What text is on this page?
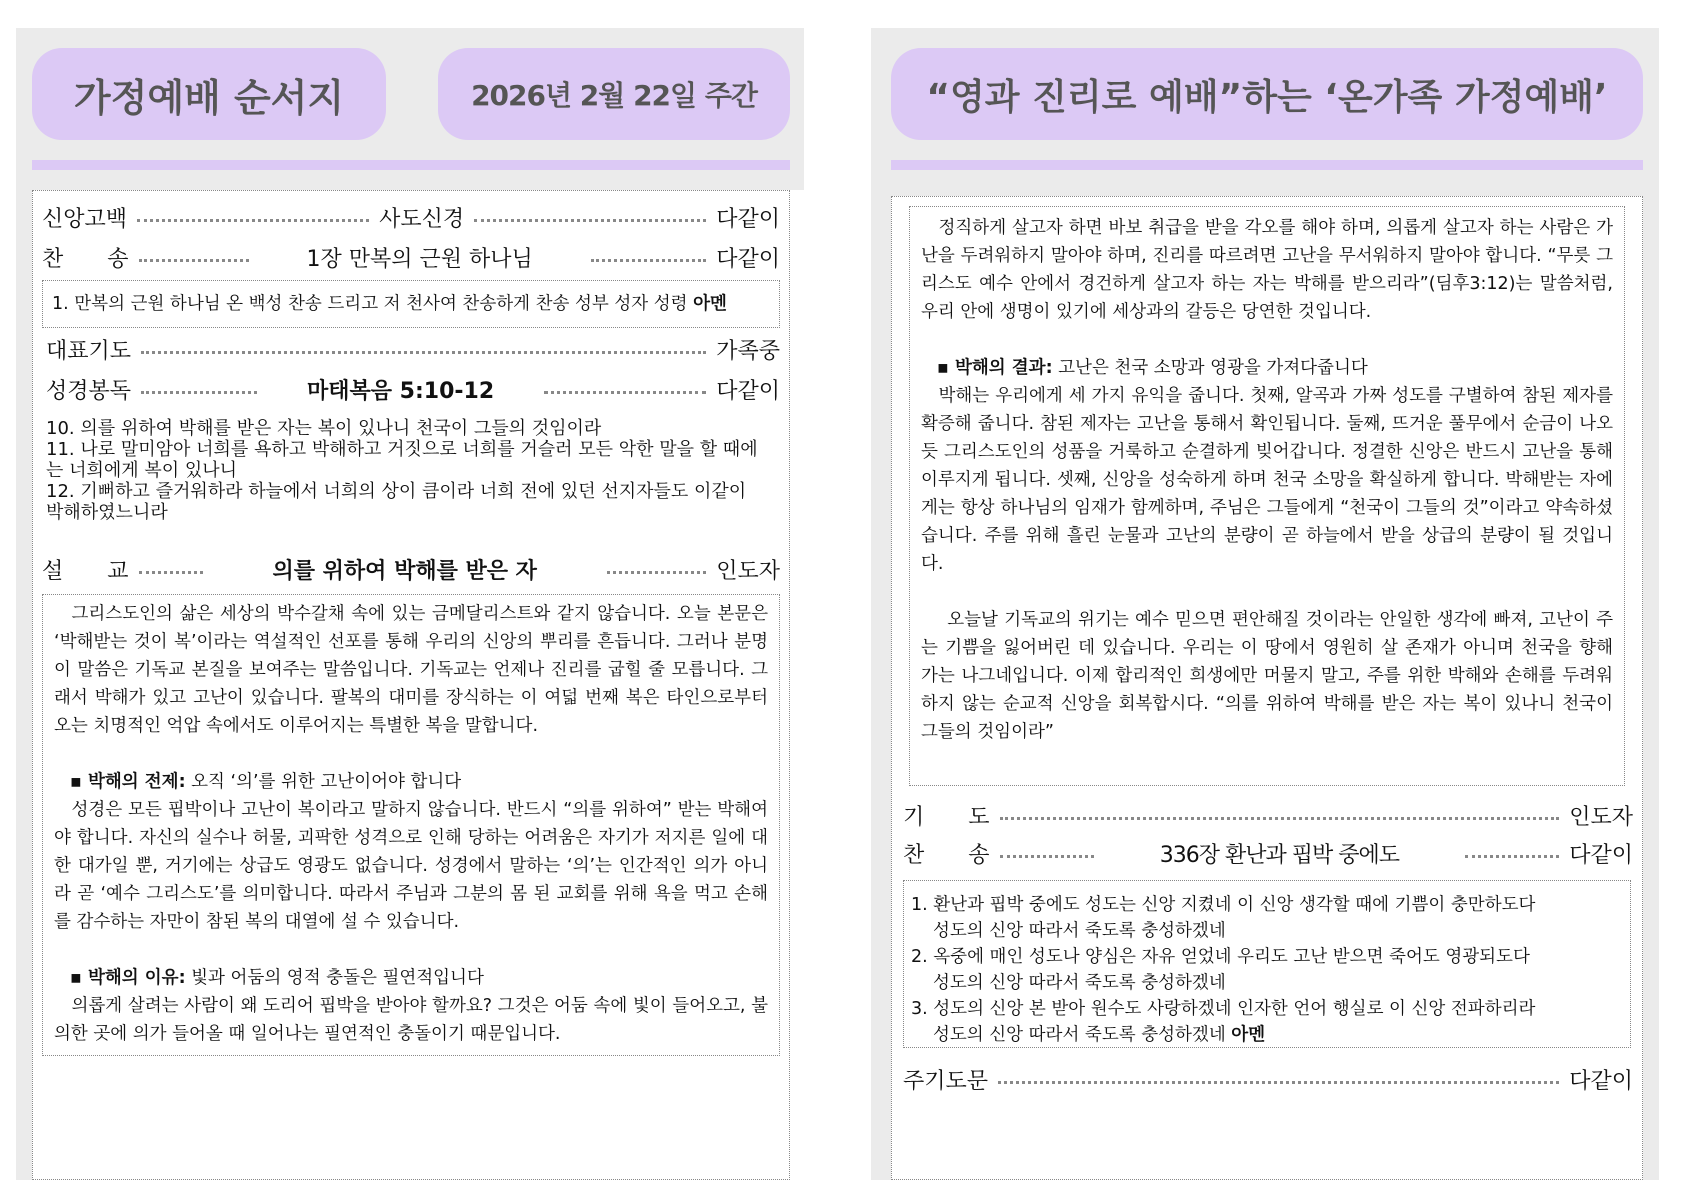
가정예배 순서지	2026년 2월 22일 주간
신앙고백	사도신경	다같이
찬　　송	1장 만복의 근원 하나님	다같이
1. 만복의 근원 하나님 온 백성 찬송 드리고 저 천사여 찬송하게 찬송 성부 성자 성령 아멘
대표기도	가족중
성경봉독	마태복음 5:10-12	다같이
10. 의를 위하여 박해를 받은 자는 복이 있나니 천국이 그들의 것임이라
11. 나로 말미암아 너희를 욕하고 박해하고 거짓으로 너희를 거슬러 모든 악한 말을 할 때에는 너희에게 복이 있나니
12. 기뻐하고 즐거워하라 하늘에서 너희의 상이 큼이라 너희 전에 있던 선지자들도 이같이 박해하였느니라
설　　교	의를 위하여 박해를 받은 자	인도자

그리스도인의 삶은 세상의 박수갈채 속에 있는 금메달리스트와 같지 않습니다. 오늘 본문은 ‘박해받는 것이 복’이라는 역설적인 선포를 통해 우리의 신앙의 뿌리를 흔듭니다. 그러나 분명 이 말씀은 기독교 본질을 보여주는 말씀입니다. 기독교는 언제나 진리를 굽힐 줄 모릅니다. 그래서 박해가 있고 고난이 있습니다. 팔복의 대미를 장식하는 이 여덟 번째 복은 타인으로부터 오는 치명적인 억압 속에서도 이루어지는 특별한 복을 말합니다.

▪ 박해의 전제: 오직 ‘의’를 위한 고난이어야 합니다

성경은 모든 핍박이나 고난이 복이라고 말하지 않습니다. 반드시 “의를 위하여” 받는 박해여야 합니다. 자신의 실수나 허물, 괴팍한 성격으로 인해 당하는 어려움은 자기가 저지른 일에 대한 대가일 뿐, 거기에는 상급도 영광도 없습니다. 성경에서 말하는 ‘의’는 인간적인 의가 아니라 곧 ‘예수 그리스도’를 의미합니다. 따라서 주님과 그분의 몸 된 교회를 위해 욕을 먹고 손해를 감수하는 자만이 참된 복의 대열에 설 수 있습니다.

▪ 박해의 이유: 빛과 어둠의 영적 충돌은 필연적입니다

의롭게 살려는 사람이 왜 도리어 핍박을 받아야 할까요? 그것은 어둠 속에 빛이 들어오고, 불의한 곳에 의가 들어올 때 일어나는 필연적인 충돌이기 때문입니다.

“영과 진리로 예배”하는 ‘온가족 가정예배’

정직하게 살고자 하면 바보 취급을 받을 각오를 해야 하며, 의롭게 살고자 하는 사람은 가난을 두려워하지 말아야 하며, 진리를 따르려면 고난을 무서워하지 말아야 합니다. “무릇 그리스도 예수 안에서 경건하게 살고자 하는 자는 박해를 받으리라”(딤후3:12)는 말씀처럼, 우리 안에 생명이 있기에 세상과의 갈등은 당연한 것입니다.

▪ 박해의 결과: 고난은 천국 소망과 영광을 가져다줍니다

박해는 우리에게 세 가지 유익을 줍니다. 첫째, 알곡과 가짜 성도를 구별하여 참된 제자를 확증해 줍니다. 참된 제자는 고난을 통해서 확인됩니다. 둘째, 뜨거운 풀무에서 순금이 나오듯 그리스도인의 성품을 거룩하고 순결하게 빚어갑니다. 정결한 신앙은 반드시 고난을 통해 이루지게 됩니다. 셋째, 신앙을 성숙하게 하며 천국 소망을 확실하게 합니다. 박해받는 자에게는 항상 하나님의 임재가 함께하며, 주님은 그들에게 “천국이 그들의 것”이라고 약속하셨습니다. 주를 위해 흘린 눈물과 고난의 분량이 곧 하늘에서 받을 상급의 분량이 될 것입니다.

오늘날 기독교의 위기는 예수 믿으면 편안해질 것이라는 안일한 생각에 빠져, 고난이 주는 기쁨을 잃어버린 데 있습니다. 우리는 이 땅에서 영원히 살 존재가 아니며 천국을 향해 가는 나그네입니다. 이제 합리적인 희생에만 머물지 말고, 주를 위한 박해와 손해를 두려워하지 않는 순교적 신앙을 회복합시다. “의를 위하여 박해를 받은 자는 복이 있나니 천국이 그들의 것임이라”

기　　도	인도자
찬　　송	336장 환난과 핍박 중에도	다같이
1. 환난과 핍박 중에도 성도는 신앙 지켰네 이 신앙 생각할 때에 기쁨이 충만하도다
성도의 신앙 따라서 죽도록 충성하겠네
2. 옥중에 매인 성도나 양심은 자유 얻었네 우리도 고난 받으면 죽어도 영광되도다
성도의 신앙 따라서 죽도록 충성하겠네
3. 성도의 신앙 본 받아 원수도 사랑하겠네 인자한 언어 행실로 이 신앙 전파하리라
성도의 신앙 따라서 죽도록 충성하겠네 아멘
주기도문	다같이
